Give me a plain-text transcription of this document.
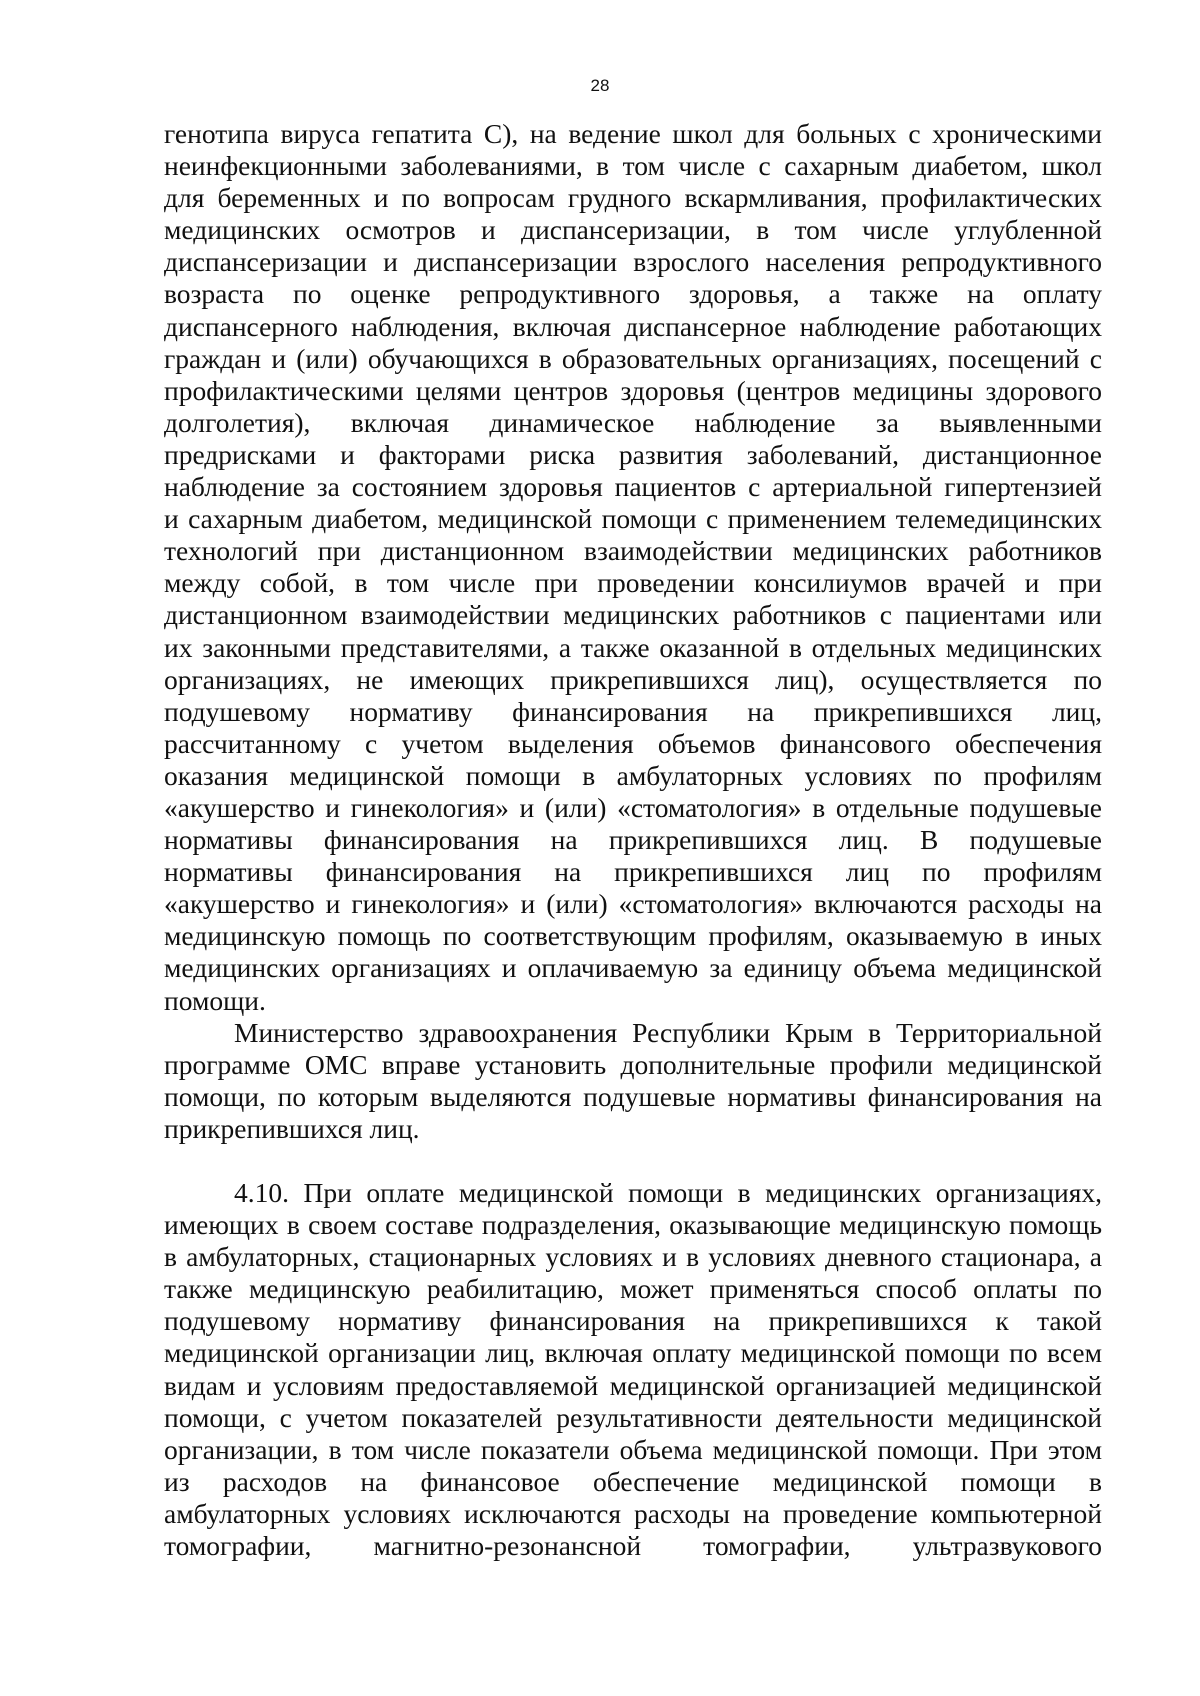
28
генотипа вируса гепатита С), на ведение школ для больных с хроническими
неинфекционными заболеваниями, в том числе с сахарным диабетом, школ
для беременных и по вопросам грудного вскармливания, профилактических
медицинских осмотров и диспансеризации, в том числе углубленной
диспансеризации и диспансеризации взрослого населения репродуктивного
возраста по оценке репродуктивного здоровья, а также на оплату
диспансерного наблюдения, включая диспансерное наблюдение работающих
граждан и (или) обучающихся в образовательных организациях, посещений с
профилактическими целями центров здоровья (центров медицины здорового
долголетия), включая динамическое наблюдение за выявленными
предрисками и факторами риска развития заболеваний, дистанционное
наблюдение за состоянием здоровья пациентов с артериальной гипертензией
и сахарным диабетом, медицинской помощи с применением телемедицинских
технологий при дистанционном взаимодействии медицинских работников
между собой, в том числе при проведении консилиумов врачей и при
дистанционном взаимодействии медицинских работников с пациентами или
их законными представителями, а также оказанной в отдельных медицинских
организациях, не имеющих прикрепившихся лиц), осуществляется по
подушевому нормативу финансирования на прикрепившихся лиц,
рассчитанному с учетом выделения объемов финансового обеспечения
оказания медицинской помощи в амбулаторных условиях по профилям
«акушерство и гинекология» и (или) «стоматология» в отдельные подушевые
нормативы финансирования на прикрепившихся лиц. В подушевые
нормативы финансирования на прикрепившихся лиц по профилям
«акушерство и гинекология» и (или) «стоматология» включаются расходы на
медицинскую помощь по соответствующим профилям, оказываемую в иных
медицинских организациях и оплачиваемую за единицу объема медицинской
помощи.
Министерство здравоохранения Республики Крым в Территориальной
программе ОМС вправе установить дополнительные профили медицинской
помощи, по которым выделяются подушевые нормативы финансирования на
прикрепившихся лиц.
4.10. При оплате медицинской помощи в медицинских организациях,
имеющих в своем составе подразделения, оказывающие медицинскую помощь
в амбулаторных, стационарных условиях и в условиях дневного стационара, а
также медицинскую реабилитацию, может применяться способ оплаты по
подушевому нормативу финансирования на прикрепившихся к такой
медицинской организации лиц, включая оплату медицинской помощи по всем
видам и условиям предоставляемой медицинской организацией медицинской
помощи, с учетом показателей результативности деятельности медицинской
организации, в том числе показатели объема медицинской помощи. При этом
из расходов на финансовое обеспечение медицинской помощи в
амбулаторных условиях исключаются расходы на проведение компьютерной
томографии, магнитно-резонансной томографии, ультразвукового
